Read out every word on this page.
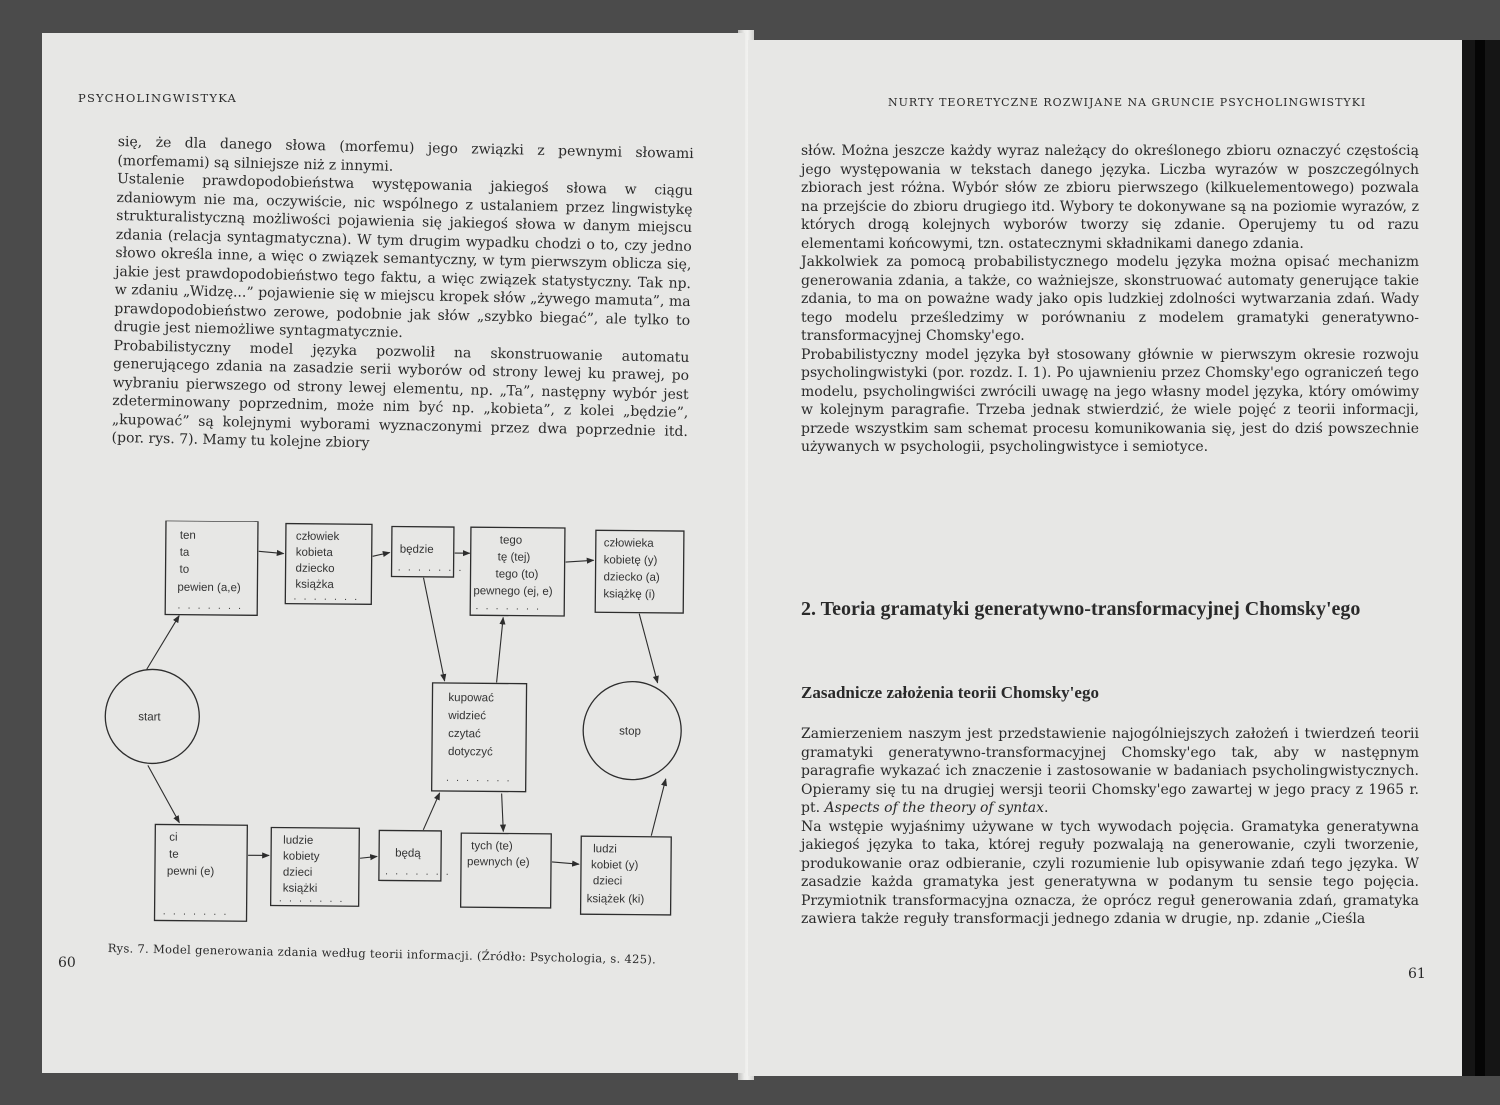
PSYCHOLINGWISTYKA

się, że dla danego słowa (morfemu) jego związki z pewnymi słowami (morfemami) są silniejsze niż z innymi.

Ustalenie prawdopodobieństwa występowania jakiegoś słowa w ciągu zdaniowym nie ma, oczywiście, nic wspólnego z ustalaniem przez lingwistykę strukturalistyczną możliwości pojawienia się jakiegoś słowa w danym miejscu zdania (relacja syntagmatyczna). W tym drugim wypadku chodzi o to, czy jedno słowo określa inne, a więc o związek semantyczny, w tym pierwszym oblicza się, jakie jest prawdopodobieństwo tego faktu, a więc związek statystyczny. Tak np. w zdaniu „Widzę...” pojawienie się w miejscu kropek słów „żywego mamuta”, ma prawdopodobieństwo zerowe, podobnie jak słów „szybko biegać”, ale tylko to drugie jest niemożliwe syntagmatycznie.

Probabilistyczny model języka pozwolił na skonstruowanie automatu generującego zdania na zasadzie serii wyborów od strony lewej ku prawej, po wybraniu pierwszego od strony lewej elementu, np. „Ta”, następny wybór jest zdeterminowany poprzednim, może nim być np. „kobieta”, z kolei „będzie”, „kupować” są kolejnymi wyborami wyznaczonymi przez dwa poprzednie itd. (por. rys. 7). Mamy tu kolejne zbiory

start
stop
ten
ta
to
pewien (a,e)
· · · · · · ·
człowiek
kobieta
dziecko
książka
· · · · · · ·
będzie
· · · · · · ·
tego
tę (tej)
tego (to)
pewnego (ej, e)
· · · · · · ·
człowieka
kobietę (y)
dziecko (a)
książkę (i)
kupować
widzieć
czytać
dotyczyć
· · · · · · ·
ci
te
pewni (e)
· · · · · · ·
ludzie
kobiety
dzieci
książki
· · · · · · ·
będą
· · · · · · ·
tych (te)
pewnych (e)
ludzi
kobiet (y)
dzieci
książek (ki)
Rys. 7. Model generowania zdania według teorii informacji. (Źródło: Psychologia, s. 425).
60
NURTY TEORETYCZNE ROZWIJANE NA GRUNCIE PSYCHOLINGWISTYKI

słów. Można jeszcze każdy wyraz należący do określonego zbioru oznaczyć częstością jego występowania w tekstach danego języka. Liczba wyrazów w poszczególnych zbiorach jest różna. Wybór słów ze zbioru pierwszego (kilkuelementowego) pozwala na przejście do zbioru drugiego itd. Wybory te dokonywane są na poziomie wyrazów, z których drogą kolejnych wyborów tworzy się zdanie. Operujemy tu od razu elementami końcowymi, tzn. ostatecznymi składnikami danego zdania.

Jakkolwiek za pomocą probabilistycznego modelu języka można opisać mechanizm generowania zdania, a także, co ważniejsze, skonstruować automaty generujące takie zdania, to ma on poważne wady jako opis ludzkiej zdolności wytwarzania zdań. Wady tego modelu prześledzimy w porównaniu z modelem gramatyki generatywno-transformacyjnej Chomsky'ego.

Probabilistyczny model języka był stosowany głównie w pierwszym okresie rozwoju psycholingwistyki (por. rozdz. I. 1). Po ujawnieniu przez Chomsky'ego ograniczeń tego modelu, psycholingwiści zwrócili uwagę na jego własny model języka, który omówimy w kolejnym paragrafie. Trzeba jednak stwierdzić, że wiele pojęć z teorii informacji, przede wszystkim sam schemat procesu komunikowania się, jest do dziś powszechnie używanych w psychologii, psycholingwistyce i semiotyce.

2. Teoria gramatyki generatywno-transformacyjnej Chomsky'ego
Zasadnicze założenia teorii Chomsky'ego

Zamierzeniem naszym jest przedstawienie najogólniejszych założeń i twierdzeń teorii gramatyki generatywno-transformacyjnej Chomsky'ego tak, aby w następnym paragrafie wykazać ich znaczenie i zastosowanie w badaniach psycholingwistycznych. Opieramy się tu na drugiej wersji teorii Chomsky'ego zawartej w jego pracy z 1965 r. pt. Aspects of the theory of syntax.

Na wstępie wyjaśnimy używane w tych wywodach pojęcia. Gramatyka generatywna jakiegoś języka to taka, której reguły pozwalają na generowanie, czyli tworzenie, produkowanie oraz odbieranie, czyli rozumienie lub opisywanie zdań tego języka. W zasadzie każda gramatyka jest generatywna w podanym tu sensie tego pojęcia. Przymiotnik transformacyjna oznacza, że oprócz reguł generowania zdań, gramatyka zawiera także reguły transformacji jednego zdania w drugie, np. zdanie „Cieśla

61
